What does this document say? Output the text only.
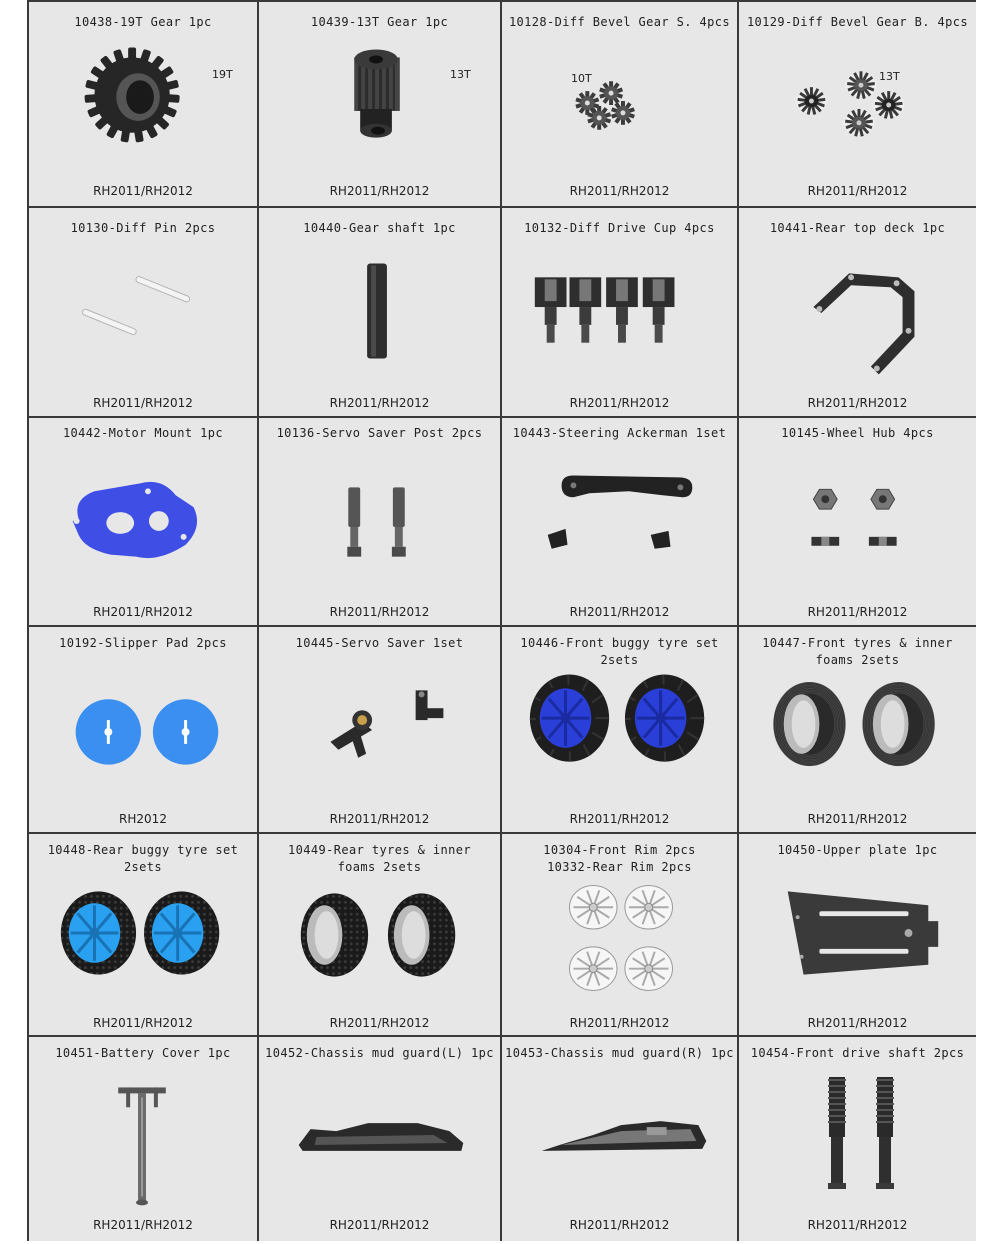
19T
10438-19T Gear 1pc
RH2011/RH2012
13T
10439-13T Gear 1pc
RH2011/RH2012
10T
10128-Diff Bevel Gear S. 4pcs
RH2011/RH2012
13T
10129-Diff Bevel Gear B. 4pcs
RH2011/RH2012
10130-Diff Pin 2pcs
RH2011/RH2012
10440-Gear shaft 1pc
RH2011/RH2012
10132-Diff Drive Cup 4pcs
RH2011/RH2012
10441-Rear top deck 1pc
RH2011/RH2012
10442-Motor Mount 1pc
RH2011/RH2012
10136-Servo Saver Post 2pcs
RH2011/RH2012
10443-Steering Ackerman 1set
RH2011/RH2012
10145-Wheel Hub 4pcs
RH2011/RH2012
10192-Slipper Pad 2pcs
RH2012
10445-Servo Saver 1set
RH2011/RH2012
10446-Front buggy tyre set 2sets
RH2011/RH2012
10447-Front tyres & inner
foams 2sets
RH2011/RH2012
10448-Rear buggy tyre set 2sets
RH2011/RH2012
10449-Rear tyres & inner
foams 2sets
RH2011/RH2012
10304-Front Rim 2pcs
10332-Rear Rim 2pcs
RH2011/RH2012
10450-Upper plate 1pc
RH2011/RH2012
10451-Battery Cover 1pc
RH2011/RH2012
10452-Chassis mud guard(L) 1pc
RH2011/RH2012
10453-Chassis mud guard(R) 1pc
RH2011/RH2012
10454-Front drive shaft 2pcs
RH2011/RH2012
